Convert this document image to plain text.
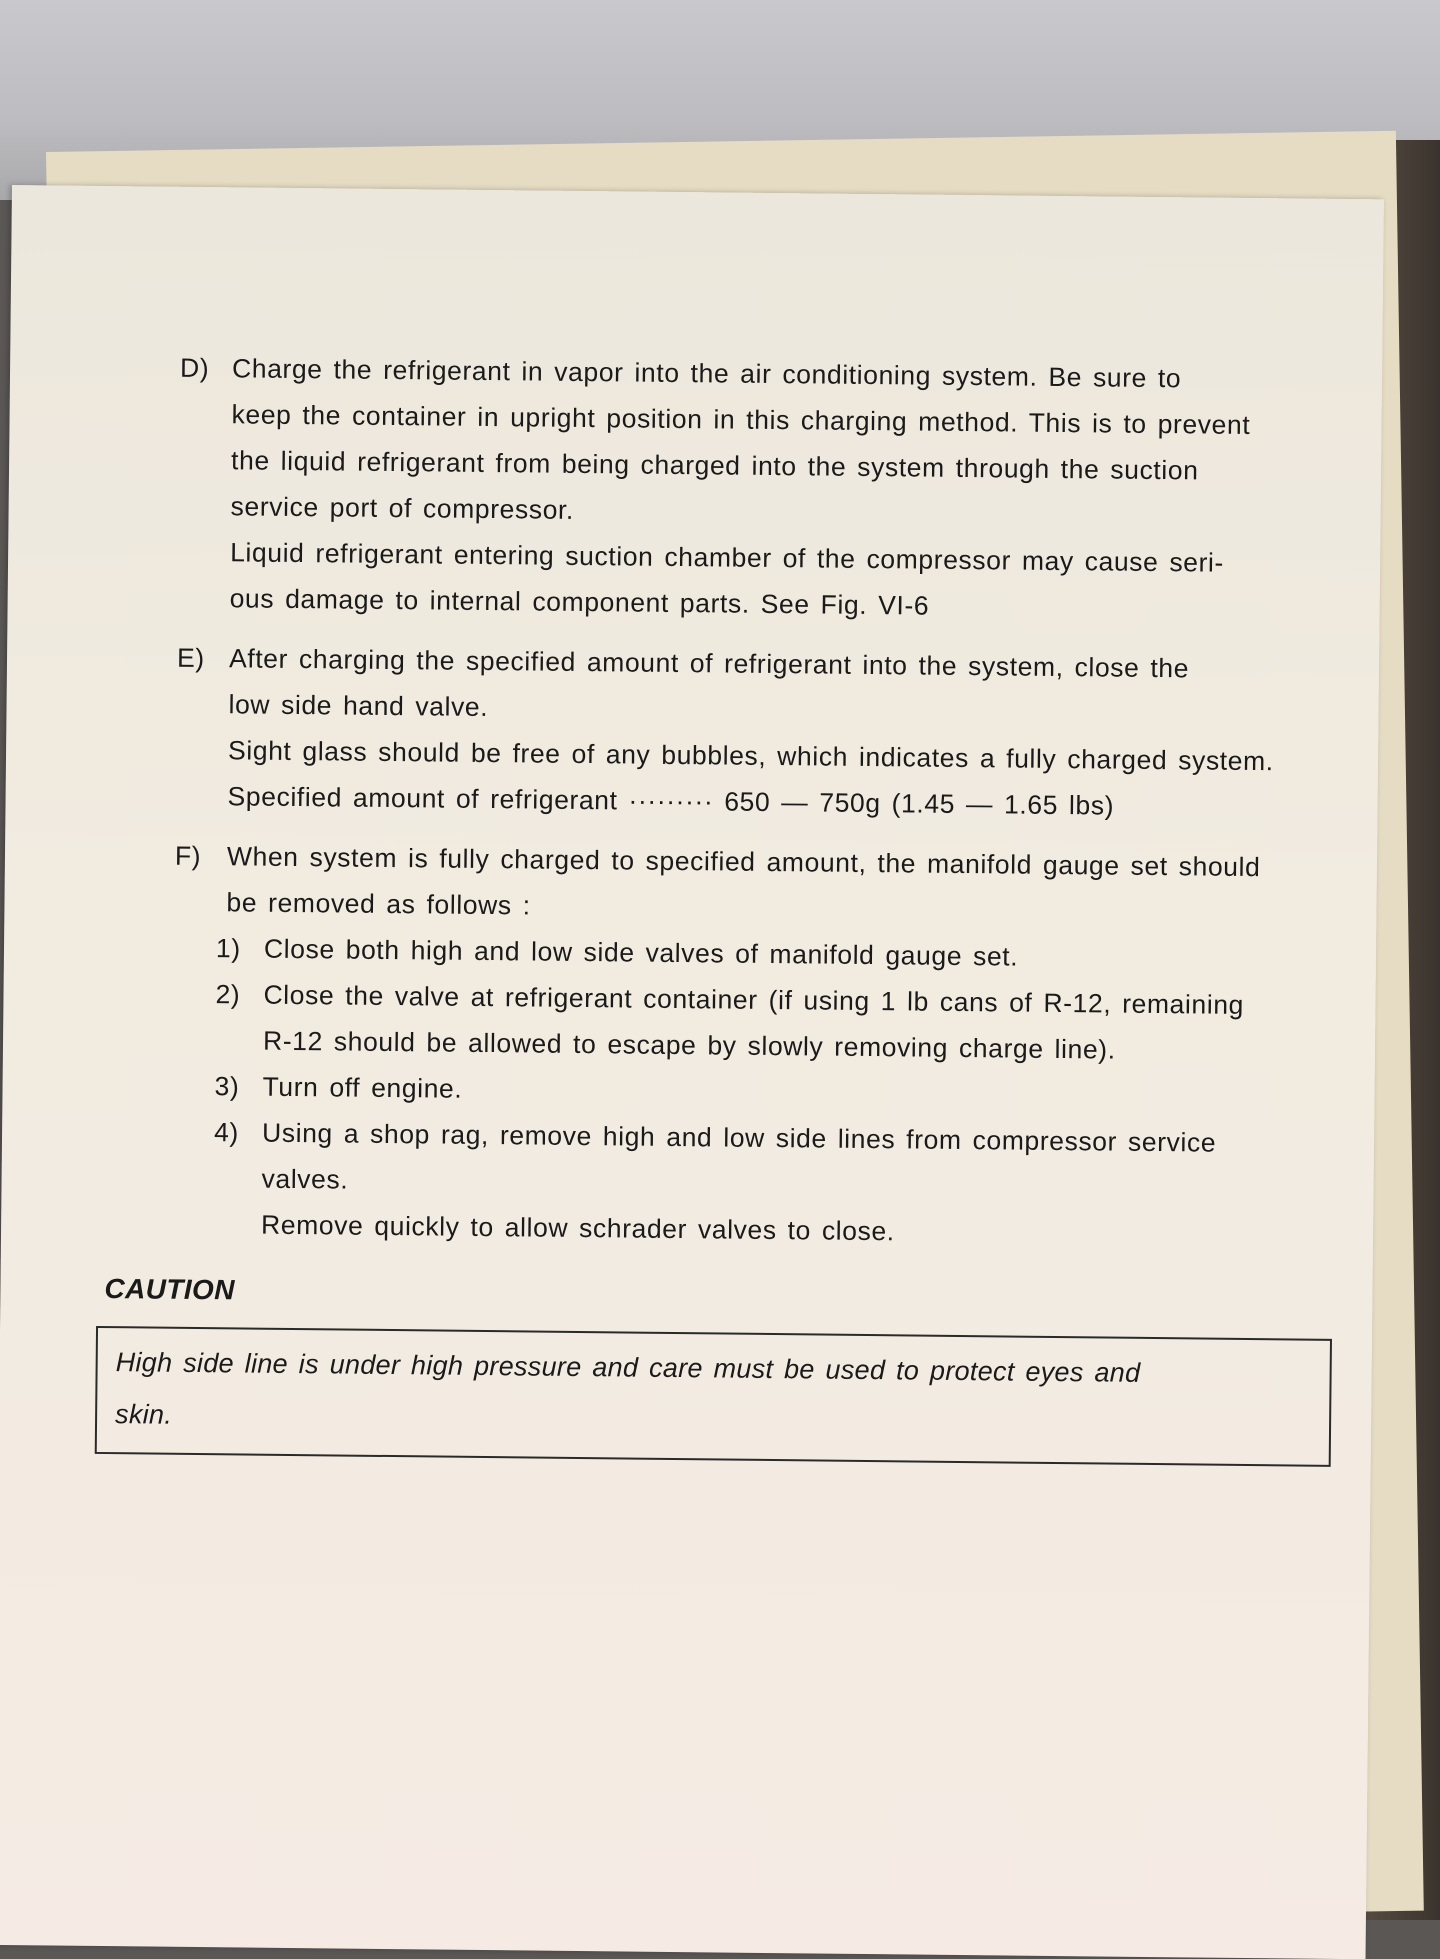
D) Charge the refrigerant in vapor into the air conditioning system. Be sure to
keep the container in upright position in this charging method. This is to prevent
the liquid refrigerant from being charged into the system through the suction
service port of compressor.
Liquid refrigerant entering suction chamber of the compressor may cause seri-
ous damage to internal component parts. See Fig. VI-6
E) After charging the specified amount of refrigerant into the system, close the
low side hand valve.
Sight glass should be free of any bubbles, which indicates a fully charged system.
Specified amount of refrigerant ········· 650 — 750g (1.45 — 1.65 lbs)
F) When system is fully charged to specified amount, the manifold gauge set should
be removed as follows :
1) Close both high and low side valves of manifold gauge set.
2) Close the valve at refrigerant container (if using 1 lb cans of R-12, remaining
R-12 should be allowed to escape by slowly removing charge line).
3) Turn off engine.
4) Using a shop rag, remove high and low side lines from compressor service
valves.
Remove quickly to allow schrader valves to close.
CAUTION
High side line is under high pressure and care must be used to protect eyes and
skin.
